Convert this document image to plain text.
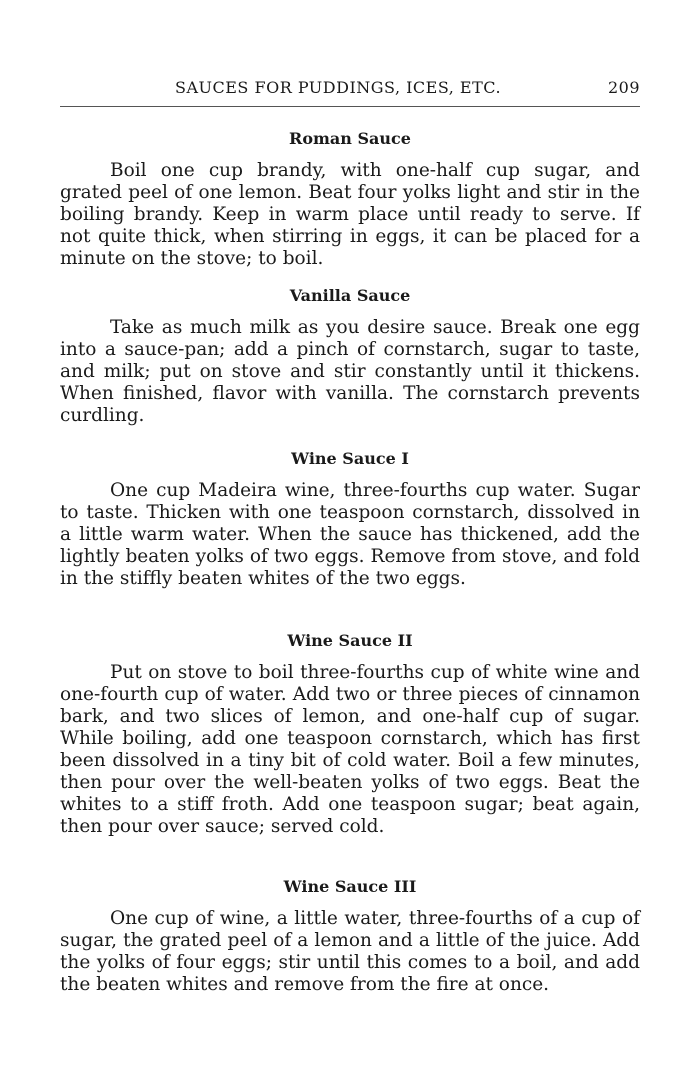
SAUCES FOR PUDDINGS, ICES, ETC.	209

Roman Sauce

Boil one cup brandy, with one-half cup sugar, and grated peel of one lemon. Beat four yolks light and stir in the boiling brandy. Keep in warm place until ready to serve. If not quite thick, when stirring in eggs, it can be placed for a minute on the stove; to boil.

Vanilla Sauce

Take as much milk as you desire sauce. Break one egg into a sauce-pan; add a pinch of cornstarch, sugar to taste, and milk; put on stove and stir constantly until it thickens. When finished, flavor with vanilla. The cornstarch prevents curdling.

Wine Sauce I

One cup Madeira wine, three-fourths cup water. Sugar to taste. Thicken with one teaspoon cornstarch, dissolved in a little warm water. When the sauce has thickened, add the lightly beaten yolks of two eggs. Remove from stove, and fold in the stiffly beaten whites of the two eggs.

Wine Sauce II

Put on stove to boil three-fourths cup of white wine and one-fourth cup of water. Add two or three pieces of cinnamon bark, and two slices of lemon, and one-half cup of sugar. While boiling, add one teaspoon cornstarch, which has first been dissolved in a tiny bit of cold water. Boil a few minutes, then pour over the well-beaten yolks of two eggs. Beat the whites to a stiff froth. Add one teaspoon sugar; beat again, then pour over sauce; served cold.

Wine Sauce III

One cup of wine, a little water, three-fourths of a cup of sugar, the grated peel of a lemon and a little of the juice. Add the yolks of four eggs; stir until this comes to a boil, and add the beaten whites and remove from the fire at once.
